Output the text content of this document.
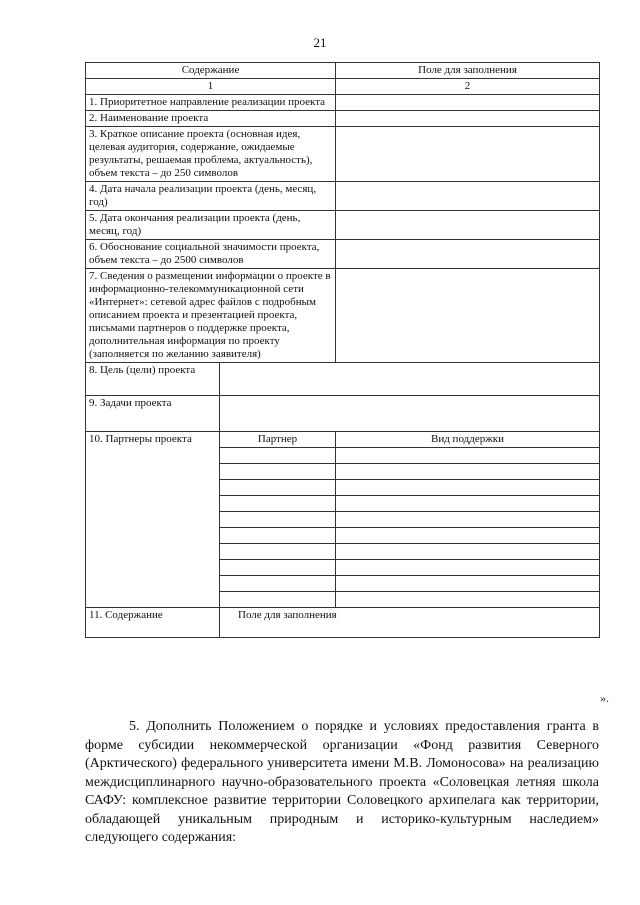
21
Содержание		Поле для заполнения
1		2
1. Приоритетное направление реализации проекта		
2. Наименование проекта		
3. Краткое описание проекта (основная идея, целевая аудитория, содержание, ожидаемые результаты, решаемая проблема, актуальность), объем текста – до 250 символов		
4. Дата начала реализации проекта (день, месяц, год)		
5. Дата окончания реализации проекта (день, месяц, год)		
6. Обоснование социальной значимости проекта, объем текста – до 2500 символов		
7. Сведения о размещении информации о проекте в информационно-телекоммуникационной сети «Интернет»: сетевой адрес файлов с подробным описанием проекта и презентацией проекта, письмами партнеров о поддержке проекта, дополнительная информация по проекту (заполняется по желанию заявителя)		
8. Цель (цели) проекта		
9. Задачи проекта		
10. Партнеры проекта	Партнер	Вид поддержки

11. Содержание	Поле для заполнения	
».

5. Дополнить Положением о порядке и условиях предоставления гранта в форме субсидии некоммерческой организации «Фонд развития Северного (Арктического) федерального университета имени М.В. Ломоносова» на реализацию междисциплинарного научно-образовательного проекта «Соловецкая летняя школа САФУ: комплексное развитие территории Соловецкого архипелага как территории, обладающей уникальным природным и историко-культурным наследием» следующего содержания:
